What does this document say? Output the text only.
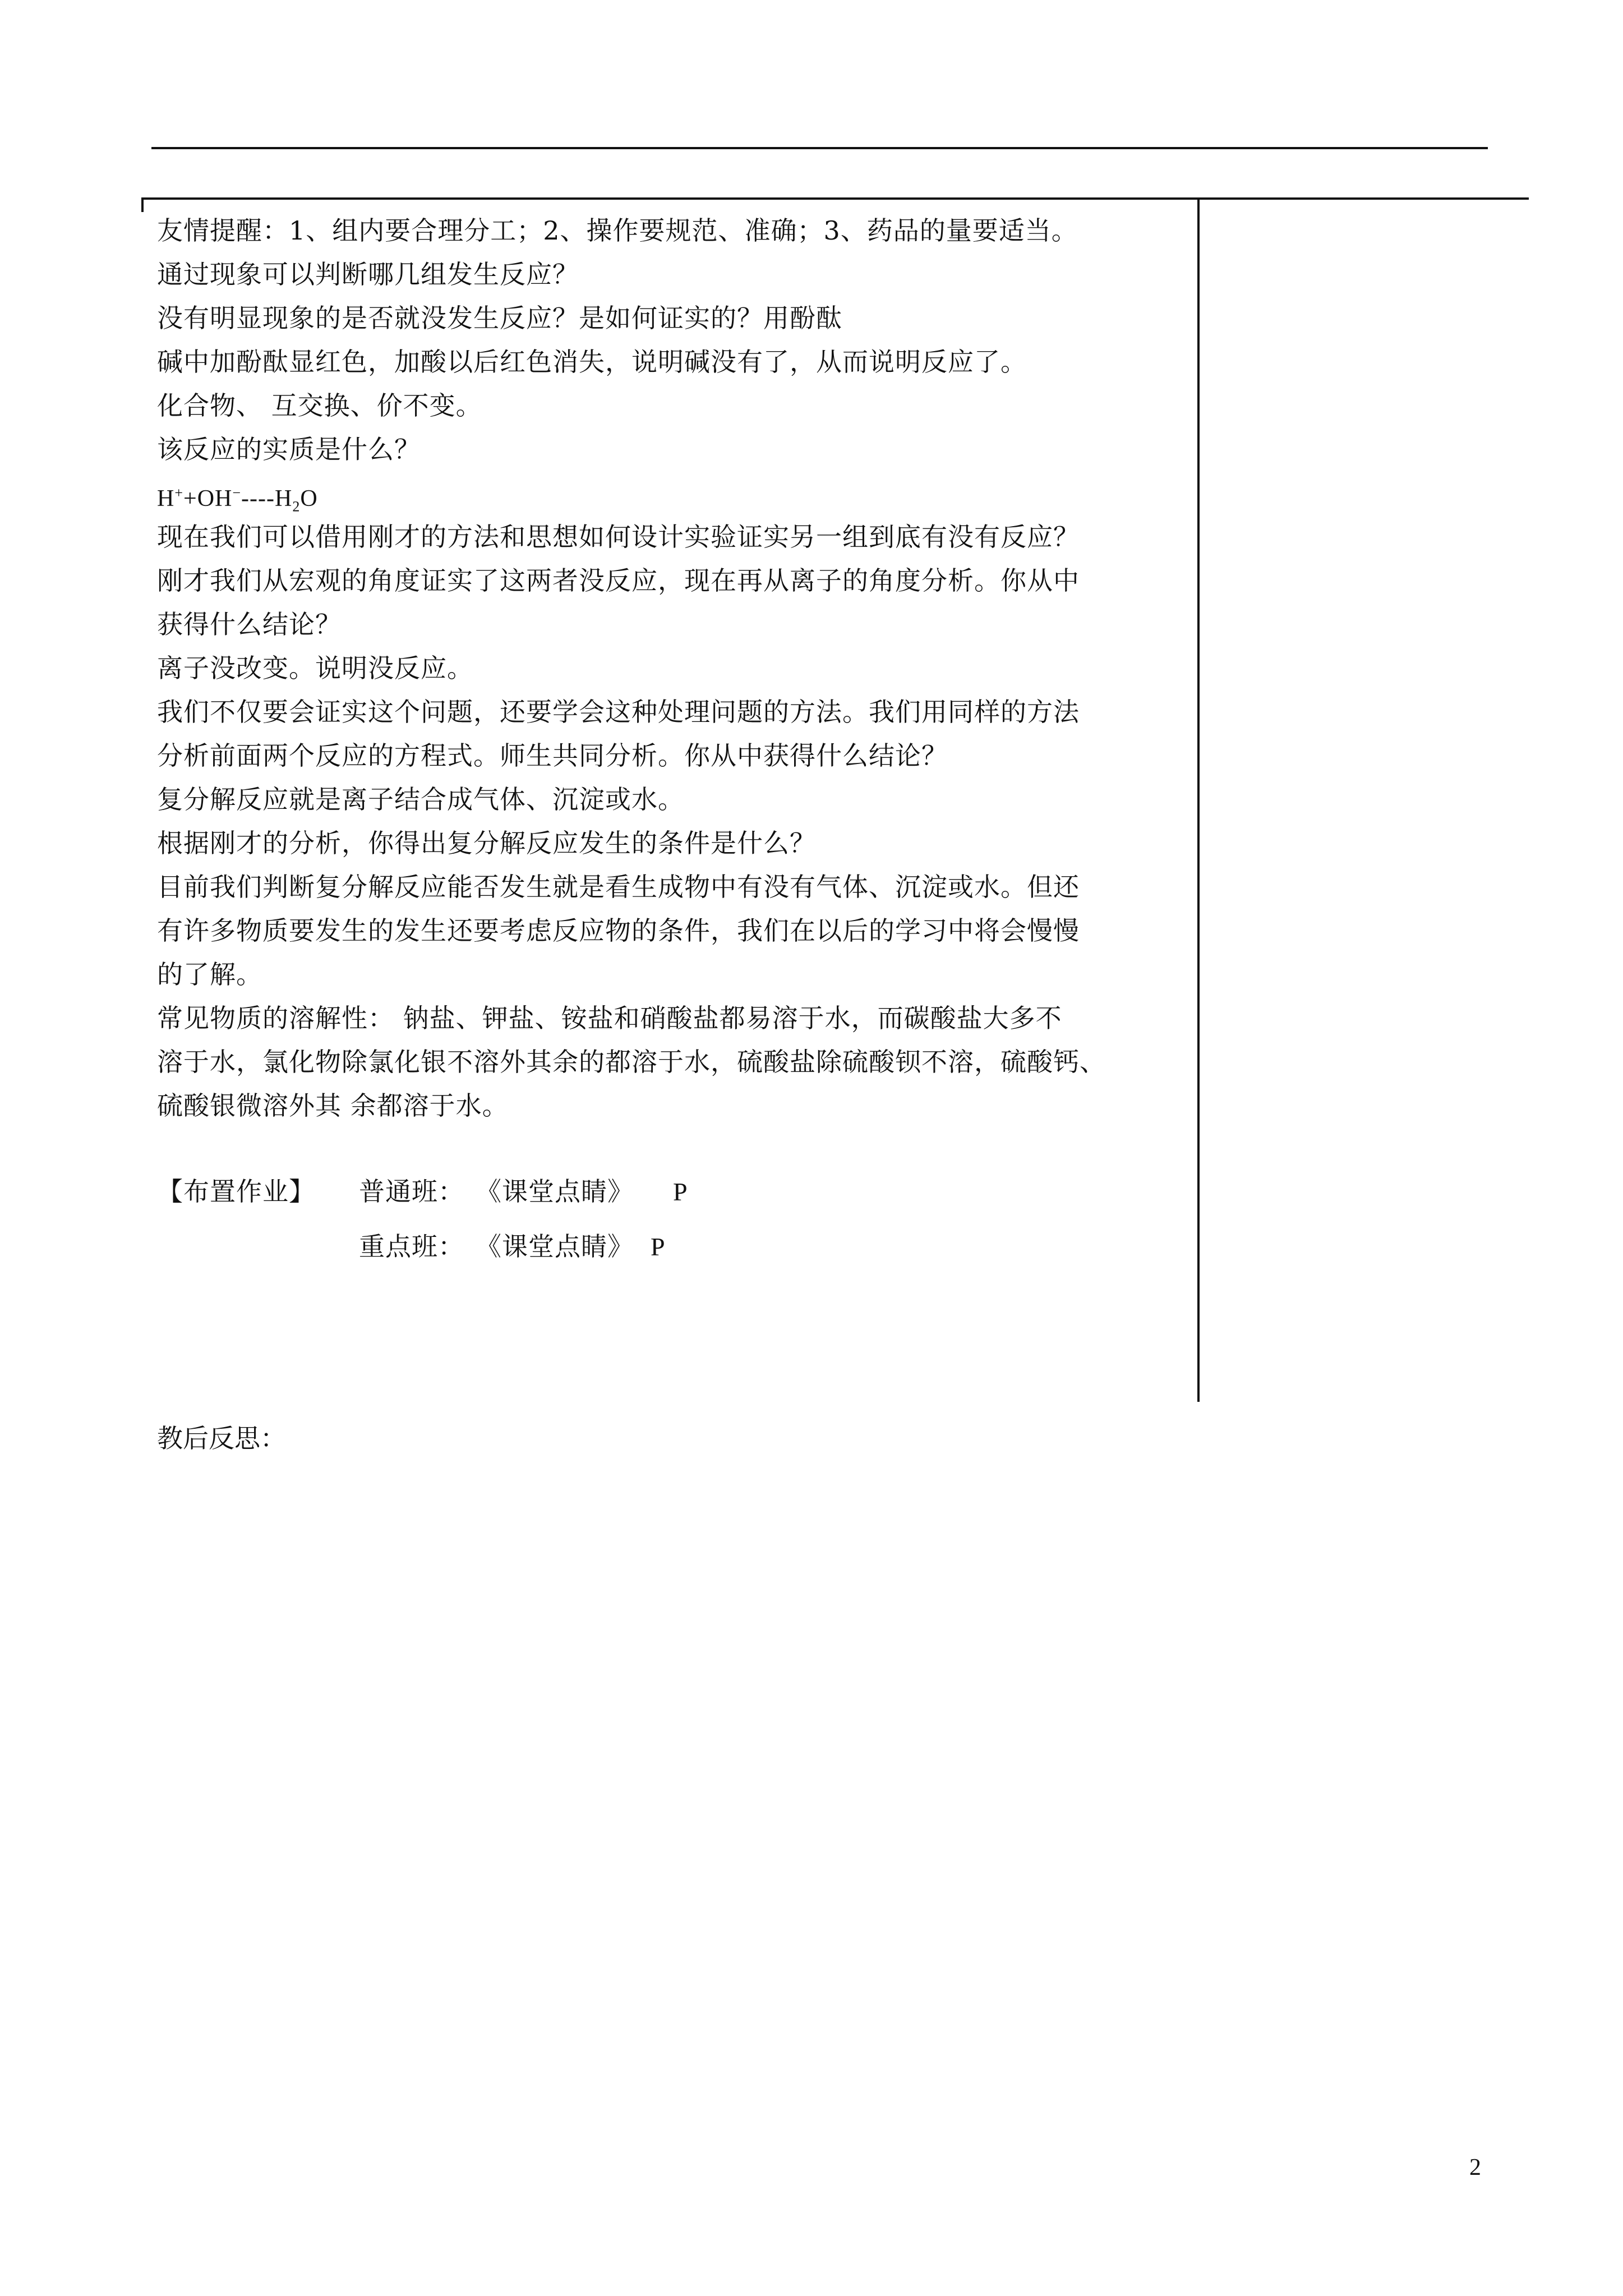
友情提醒：1、组内要合理分工；2、操作要规范、准确；3、药品的量要适当。
通过现象可以判断哪几组发生反应？
没有明显现象的是否就没发生反应？是如何证实的？用酚酞
碱中加酚酞显红色，加酸以后红色消失，说明碱没有了，从而说明反应了。
化合物、 互交换、价不变。
该反应的实质是什么？
$H^++OH^-----H_2O$
现在我们可以借用刚才的方法和思想如何设计实验证实另一组到底有没有反应？
刚才我们从宏观的角度证实了这两者没反应，现在再从离子的角度分析。你从中
获得什么结论？
离子没改变。说明没反应。
我们不仅要会证实这个问题，还要学会这种处理问题的方法。我们用同样的方法
分析前面两个反应的方程式。师生共同分析。你从中获得什么结论？
复分解反应就是离子结合成气体、沉淀或水。
根据刚才的分析，你得出复分解反应发生的条件是什么？
目前我们判断复分解反应能否发生就是看生成物中有没有气体、沉淀或水。但还
有许多物质要发生的发生还要考虑反应物的条件，我们在以后的学习中将会慢慢
的了解。
常见物质的溶解性： 钠盐、钾盐、铵盐和硝酸盐都易溶于水，而碳酸盐大多不
溶于水，氯化物除氯化银不溶外其余的都溶于水，硫酸盐除硫酸钡不溶，硫酸钙、
硫酸银微溶外其 余都溶于水。
【布置作业】 普通班： 《课堂点睛》 P
重点班： 《课堂点睛》 P
教后反思：
2
